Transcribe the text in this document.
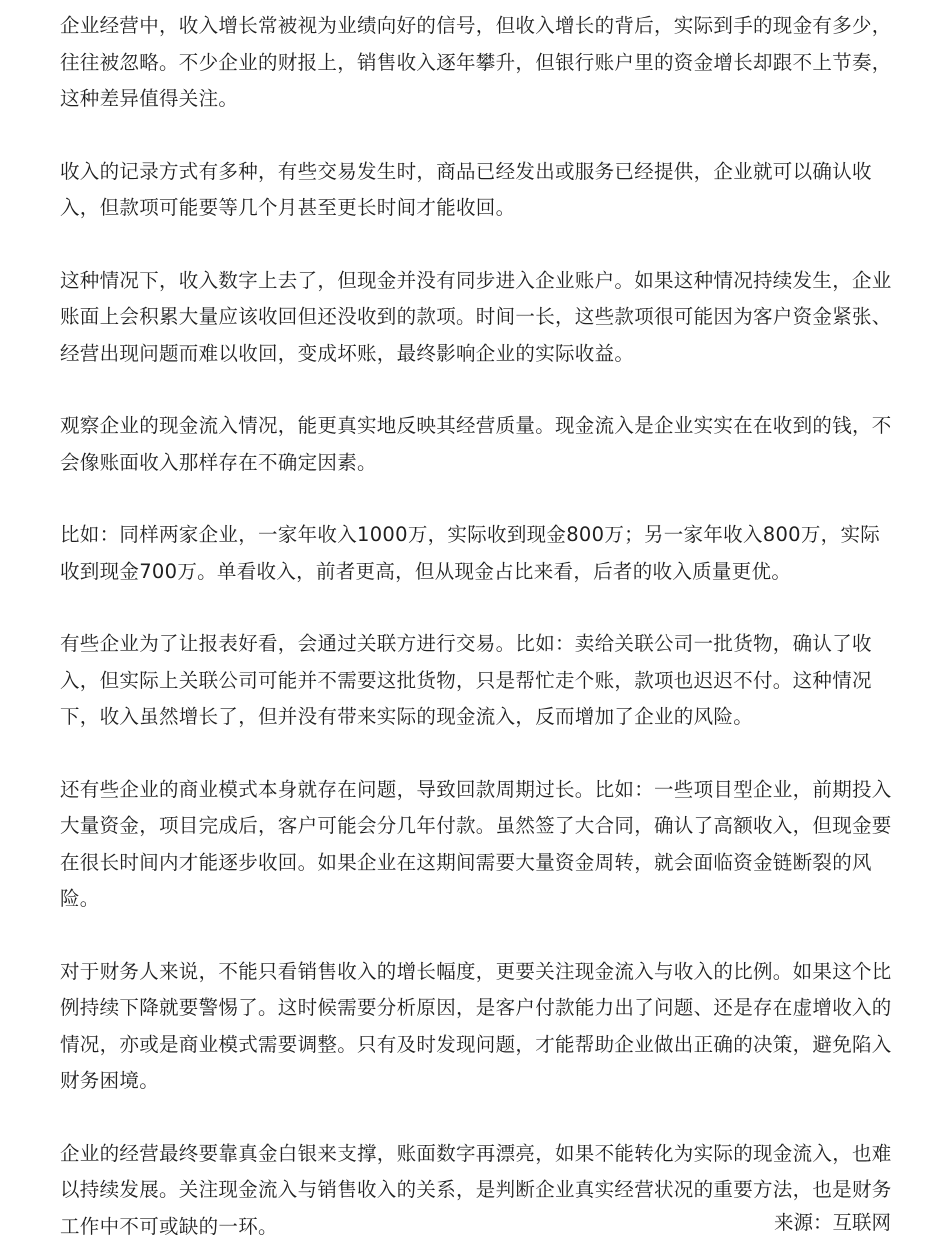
企业经营中，收入增长常被视为业绩向好的信号，但收入增长的背后，实际到手的现金有多少，往往被忽略。不少企业的财报上，销售收入逐年攀升，但银行账户里的资金增长却跟不上节奏，这种差异值得关注。

收入的记录方式有多种，有些交易发生时，商品已经发出或服务已经提供，企业就可以确认收入，但款项可能要等几个月甚至更长时间才能收回。

这种情况下，收入数字上去了，但现金并没有同步进入企业账户。如果这种情况持续发生，企业账面上会积累大量应该收回但还没收到的款项。时间一长，这些款项很可能因为客户资金紧张、经营出现问题而难以收回，变成坏账，最终影响企业的实际收益。

观察企业的现金流入情况，能更真实地反映其经营质量。现金流入是企业实实在在收到的钱，不会像账面收入那样存在不确定因素。

比如：同样两家企业，一家年收入1000万，实际收到现金800万；另一家年收入800万，实际收到现金700万。单看收入，前者更高，但从现金占比来看，后者的收入质量更优。

有些企业为了让报表好看，会通过关联方进行交易。比如：卖给关联公司一批货物，确认了收入，但实际上关联公司可能并不需要这批货物，只是帮忙走个账，款项也迟迟不付。这种情况下，收入虽然增长了，但并没有带来实际的现金流入，反而增加了企业的风险。

还有些企业的商业模式本身就存在问题，导致回款周期过长。比如：一些项目型企业，前期投入大量资金，项目完成后，客户可能会分几年付款。虽然签了大合同，确认了高额收入，但现金要在很长时间内才能逐步收回。如果企业在这期间需要大量资金周转，就会面临资金链断裂的风险。

对于财务人来说，不能只看销售收入的增长幅度，更要关注现金流入与收入的比例。如果这个比例持续下降就要警惕了。这时候需要分析原因，是客户付款能力出了问题、还是存在虚增收入的情况，亦或是商业模式需要调整。只有及时发现问题，才能帮助企业做出正确的决策，避免陷入财务困境。

企业的经营最终要靠真金白银来支撑，账面数字再漂亮，如果不能转化为实际的现金流入，也难以持续发展。关注现金流入与销售收入的关系，是判断企业真实经营状况的重要方法，也是财务工作中不可或缺的一环。	来源：互联网
